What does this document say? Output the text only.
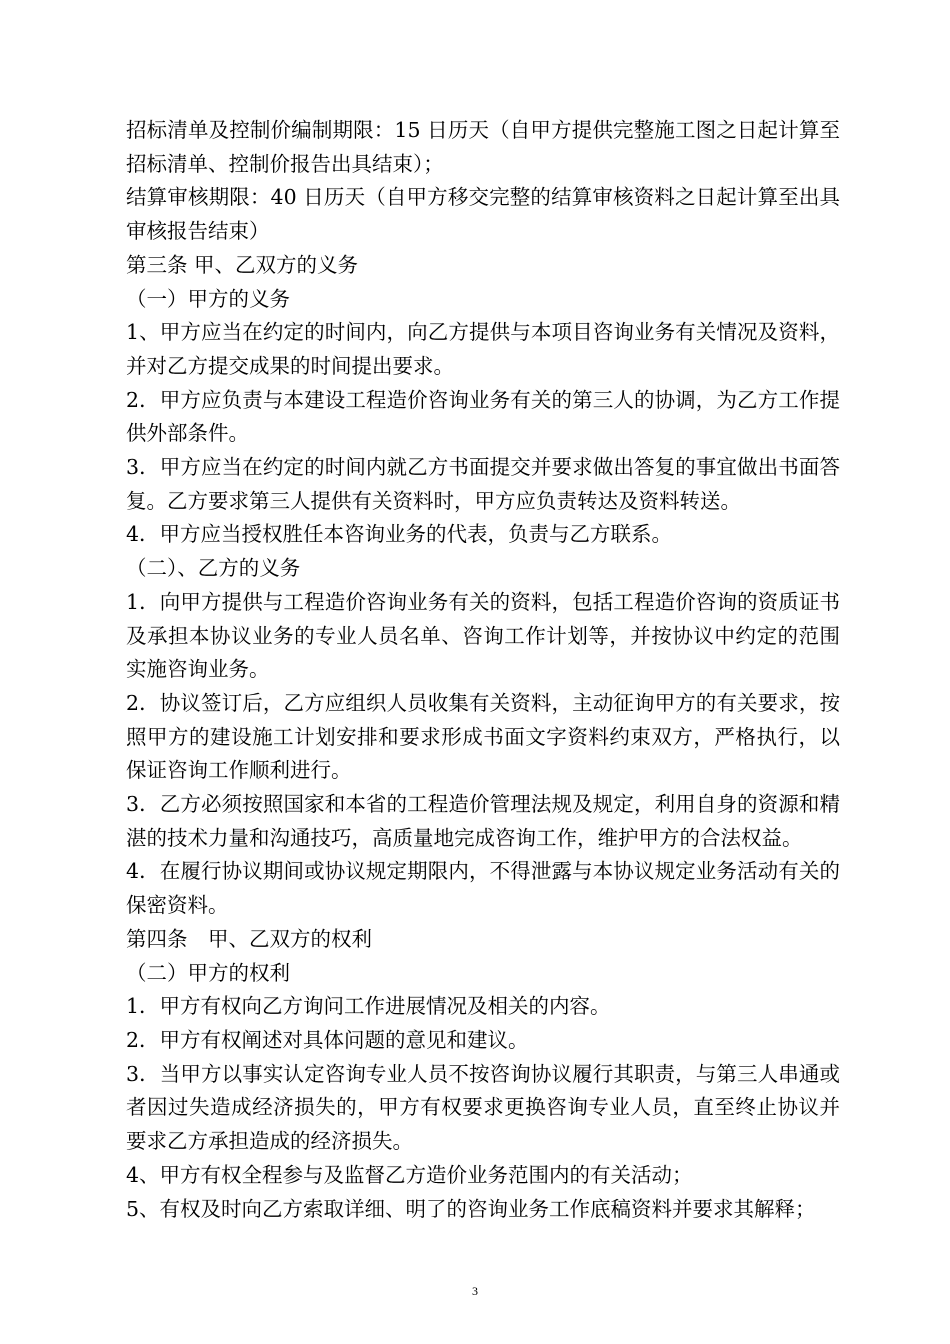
招标清单及控制价编制期限：15 日历天（自甲方提供完整施工图之日起计算至招标清单、控制价报告出具结束）；

结算审核期限：40 日历天（自甲方移交完整的结算审核资料之日起计算至出具审核报告结束）

第三条 甲、乙双方的义务

（一）甲方的义务

1、甲方应当在约定的时间内，向乙方提供与本项目咨询业务有关情况及资料，并对乙方提交成果的时间提出要求。

2．甲方应负责与本建设工程造价咨询业务有关的第三人的协调，为乙方工作提供外部条件。

3．甲方应当在约定的时间内就乙方书面提交并要求做出答复的事宜做出书面答复。乙方要求第三人提供有关资料时，甲方应负责转达及资料转送。

4．甲方应当授权胜任本咨询业务的代表，负责与乙方联系。

（二）、乙方的义务

1．向甲方提供与工程造价咨询业务有关的资料，包括工程造价咨询的资质证书及承担本协议业务的专业人员名单、咨询工作计划等，并按协议中约定的范围实施咨询业务。

2．协议签订后，乙方应组织人员收集有关资料，主动征询甲方的有关要求，按照甲方的建设施工计划安排和要求形成书面文字资料约束双方，严格执行，以保证咨询工作顺利进行。

3．乙方必须按照国家和本省的工程造价管理法规及规定，利用自身的资源和精湛的技术力量和沟通技巧，高质量地完成咨询工作，维护甲方的合法权益。

4．在履行协议期间或协议规定期限内，不得泄露与本协议规定业务活动有关的保密资料。

第四条　甲、乙双方的权利

（二）甲方的权利

1．甲方有权向乙方询问工作进展情况及相关的内容。

2．甲方有权阐述对具体问题的意见和建议。

3．当甲方以事实认定咨询专业人员不按咨询协议履行其职责，与第三人串通或者因过失造成经济损失的，甲方有权要求更换咨询专业人员，直至终止协议并要求乙方承担造成的经济损失。

4、甲方有权全程参与及监督乙方造价业务范围内的有关活动；

5、有权及时向乙方索取详细、明了的咨询业务工作底稿资料并要求其解释；

3
